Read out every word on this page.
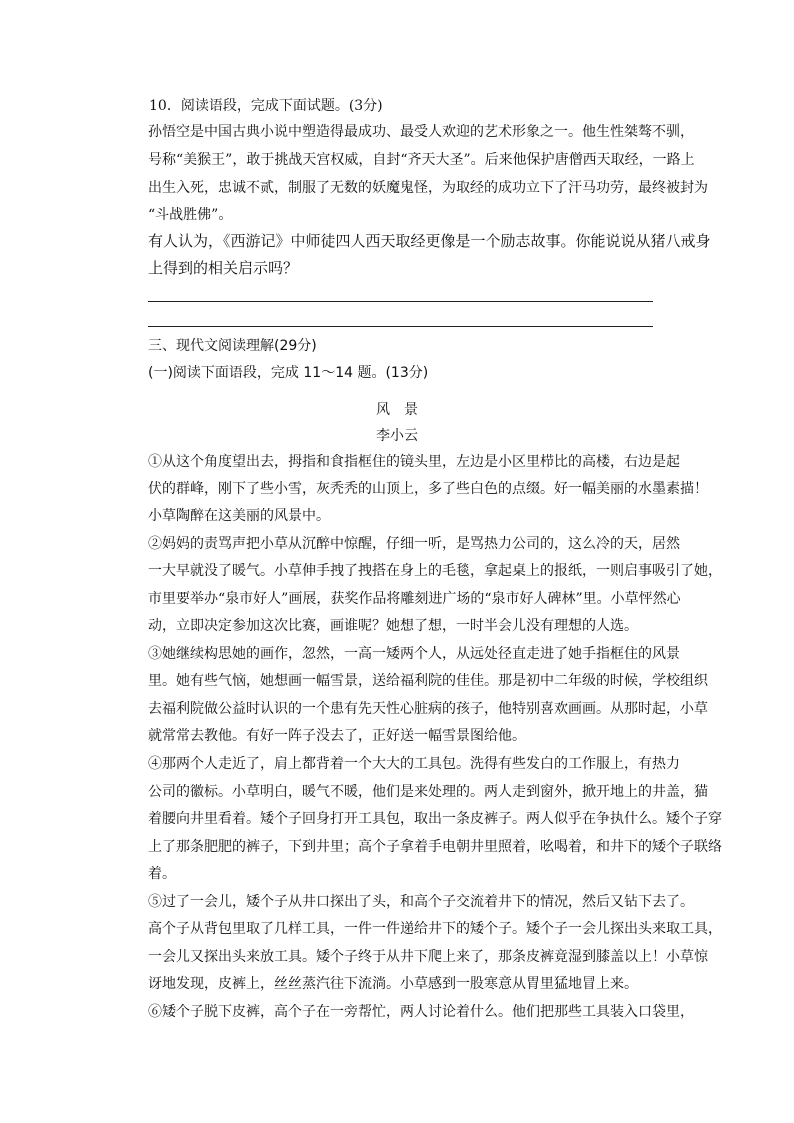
10．阅读语段，完成下面试题。(3分)
孙悟空是中国古典小说中塑造得最成功、最受人欢迎的艺术形象之一。他生性桀骜不驯，
号称“美猴王”，敢于挑战天宫权威，自封“齐天大圣”。后来他保护唐僧西天取经，一路上
出生入死，忠诚不贰，制服了无数的妖魔鬼怪，为取经的成功立下了汗马功劳，最终被封为
“斗战胜佛”。
有人认为，《西游记》中师徒四人西天取经更像是一个励志故事。你能说说从猪八戒身
上得到的相关启示吗？
三、现代文阅读理解(29分)
(一)阅读下面语段，完成 11～14 题。(13分)
风　景
李小云
①从这个角度望出去，拇指和食指框住的镜头里，左边是小区里栉比的高楼，右边是起
伏的群峰，刚下了些小雪，灰秃秃的山顶上，多了些白色的点缀。好一幅美丽的水墨素描！
小草陶醉在这美丽的风景中。
②妈妈的责骂声把小草从沉醉中惊醒，仔细一听，是骂热力公司的，这么冷的天，居然
一大早就没了暖气。小草伸手拽了拽搭在身上的毛毯，拿起桌上的报纸，一则启事吸引了她，
市里要举办“泉市好人”画展，获奖作品将雕刻进广场的“泉市好人碑林”里。小草怦然心
动，立即决定参加这次比赛，画谁呢？她想了想，一时半会儿没有理想的人选。
③她继续构思她的画作，忽然，一高一矮两个人，从远处径直走进了她手指框住的风景
里。她有些气恼，她想画一幅雪景，送给福利院的佳佳。那是初中二年级的时候，学校组织
去福利院做公益时认识的一个患有先天性心脏病的孩子，他特别喜欢画画。从那时起，小草
就常常去教他。有好一阵子没去了，正好送一幅雪景图给他。
④那两个人走近了，肩上都背着一个大大的工具包。洗得有些发白的工作服上，有热力
公司的徽标。小草明白，暖气不暖，他们是来处理的。两人走到窗外，掀开地上的井盖，猫
着腰向井里看着。矮个子回身打开工具包，取出一条皮裤子。两人似乎在争执什么。矮个子穿
上了那条肥肥的裤子，下到井里；高个子拿着手电朝井里照着，吆喝着，和井下的矮个子联络
着。
⑤过了一会儿，矮个子从井口探出了头，和高个子交流着井下的情况，然后又钻下去了。
高个子从背包里取了几样工具，一件一件递给井下的矮个子。矮个子一会儿探出头来取工具，
一会儿又探出头来放工具。矮个子终于从井下爬上来了，那条皮裤竟湿到膝盖以上！小草惊
讶地发现，皮裤上，丝丝蒸汽往下流淌。小草感到一股寒意从胃里猛地冒上来。
⑥矮个子脱下皮裤，高个子在一旁帮忙，两人讨论着什么。他们把那些工具装入口袋里，
